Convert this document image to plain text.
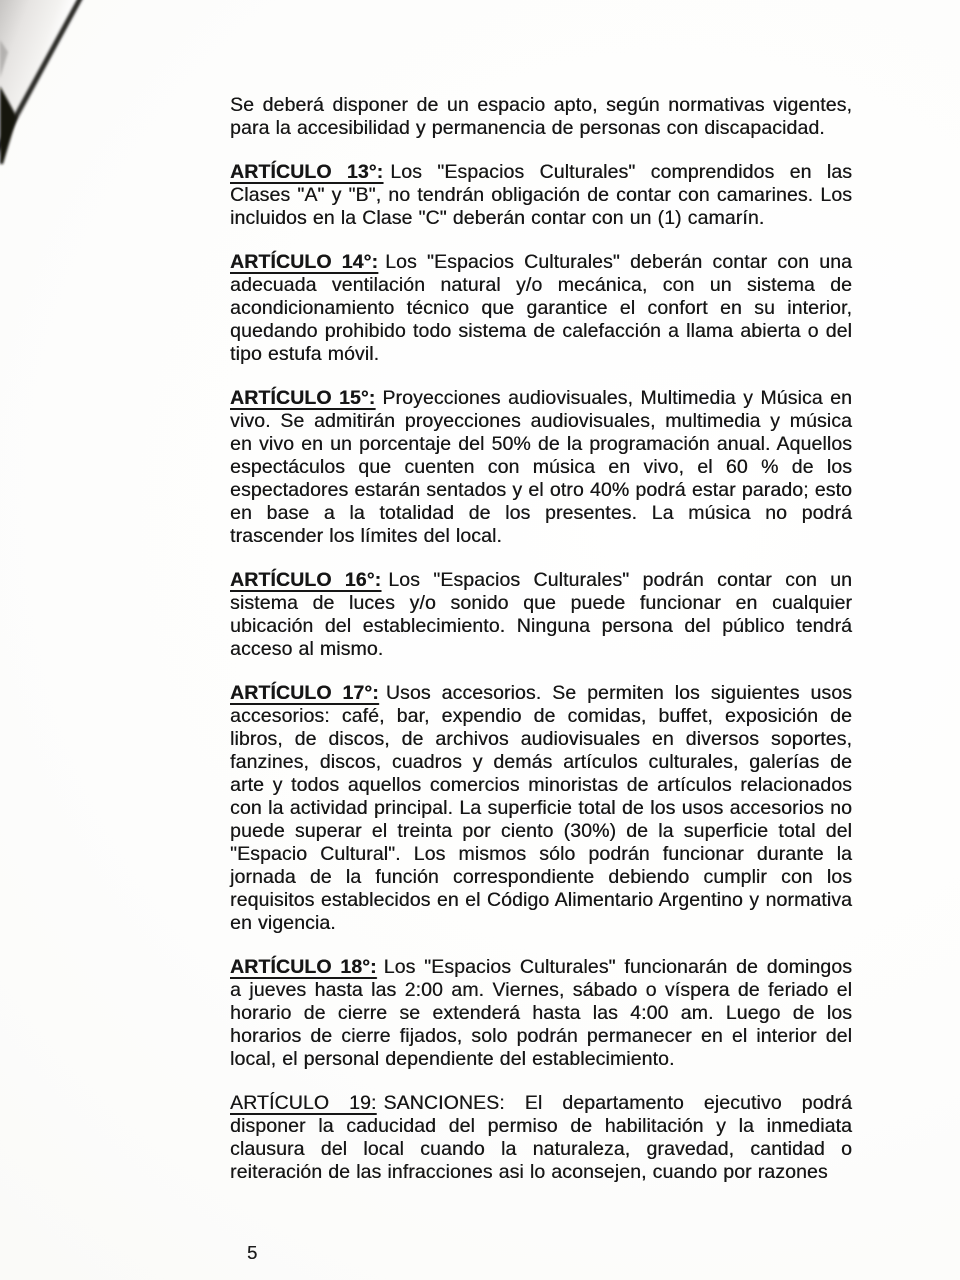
Se deberá disponer de un espacio apto, según normativas vigentes, para la accesibilidad y permanencia de personas con discapacidad.

ARTÍCULO 13°: Los "Espacios Culturales" comprendidos en las Clases "A" y "B", no tendrán obligación de contar con camarines. Los incluidos en la Clase "C" deberán contar con un (1) camarín.

ARTÍCULO 14°: Los "Espacios Culturales" deberán contar con una adecuada ventilación natural y/o mecánica, con un sistema de acondicionamiento técnico que garantice el confort en su interior, quedando prohibido todo sistema de calefacción a llama abierta o del tipo estufa móvil.

ARTÍCULO 15°: Proyecciones audiovisuales, Multimedia y Música en vivo. Se admitirán proyecciones audiovisuales, multimedia y música en vivo en un porcentaje del 50% de la programación anual. Aquellos espectáculos que cuenten con música en vivo, el 60 % de los espectadores estarán sentados y el otro 40% podrá estar parado; esto en base a la totalidad de los presentes. La música no podrá trascender los límites del local.

ARTÍCULO 16°: Los "Espacios Culturales" podrán contar con un sistema de luces y/o sonido que puede funcionar en cualquier ubicación del establecimiento. Ninguna persona del público tendrá acceso al mismo.

ARTÍCULO 17°: Usos accesorios. Se permiten los siguientes usos accesorios: café, bar, expendio de comidas, buffet, exposición de libros, de discos, de archivos audiovisuales en diversos soportes, fanzines, discos, cuadros y demás artículos culturales, galerías de arte y todos aquellos comercios minoristas de artículos relacionados con la actividad principal. La superficie total de los usos accesorios no puede superar el treinta por ciento (30%) de la superficie total del "Espacio Cultural". Los mismos sólo podrán funcionar durante la jornada de la función correspondiente debiendo cumplir con los requisitos establecidos en el Código Alimentario Argentino y normativa en vigencia.

ARTÍCULO 18°: Los "Espacios Culturales" funcionarán de domingos a jueves hasta las 2:00 am. Viernes, sábado o víspera de feriado el horario de cierre se extenderá hasta las 4:00 am. Luego de los horarios de cierre fijados, solo podrán permanecer en el interior del local, el personal dependiente del establecimiento.

ARTÍCULO 19: SANCIONES: El departamento ejecutivo podrá disponer la caducidad del permiso de habilitación y la inmediata clausura del local cuando la naturaleza, gravedad, cantidad o reiteración de las infracciones asi lo aconsejen, cuando por razones

5
